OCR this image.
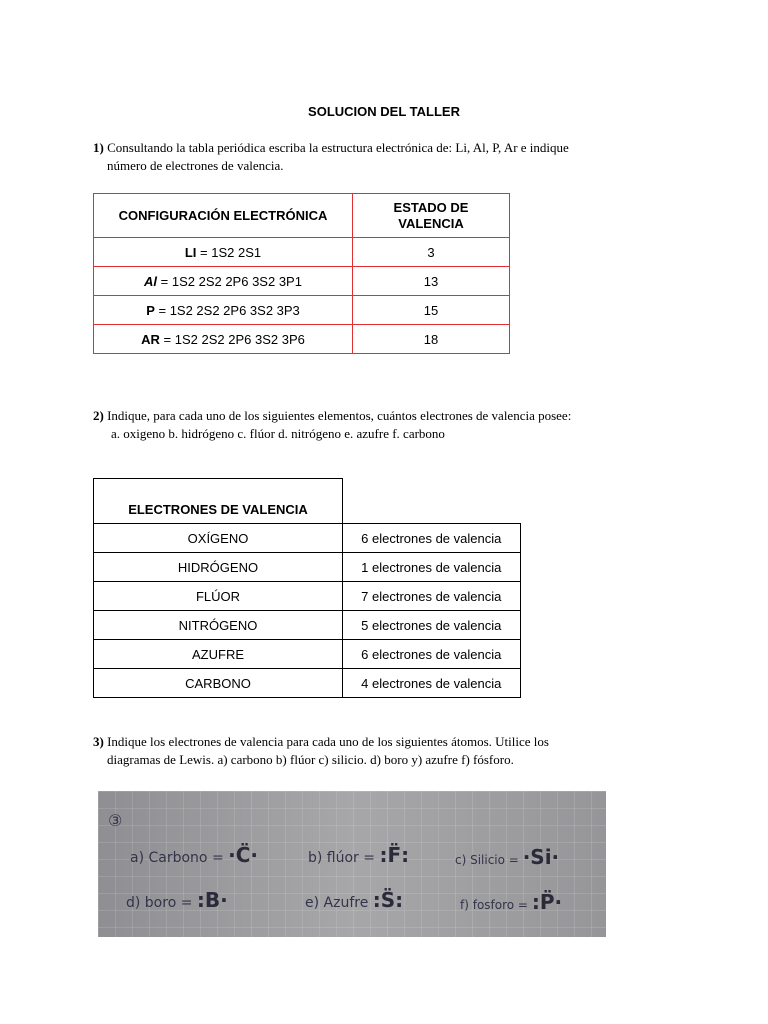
SOLUCION DEL TALLER
1) Consultando la tabla periódica escriba la estructura electrónica de: Li, Al, P, Ar e indique
número de electrones de valencia.
CONFIGURACIÓN ELECTRÓNICA	ESTADO DE VALENCIA
LI = 1S2 2S1	3
Al = 1S2 2S2 2P6 3S2 3P1	13
P = 1S2 2S2 2P6 3S2 3P3	15
AR = 1S2 2S2 2P6 3S2 3P6	18
2) Indique, para cada uno de los siguientes elementos, cuántos electrones de valencia posee:
a. oxigeno b. hidrógeno c. flúor d. nitrógeno e. azufre f. carbono
ELECTRONES DE VALENCIA	
OXÍGENO	6 electrones de valencia
HIDRÓGENO	1 electrones de valencia
FLÚOR	7 electrones de valencia
NITRÓGENO	5 electrones de valencia
AZUFRE	6 electrones de valencia
CARBONO	4 electrones de valencia
3) Indique los electrones de valencia para cada uno de los siguientes átomos. Utilice los
diagramas de Lewis. a) carbono b) flúor c) silicio. d) boro y) azufre f) fósforo.
③
a) Carbono = ·C̈·	b) flúor = :F̈:	c) Silicio = ·Si·
d) boro = :B·	e) Azufre :S̈:	f) fosforo = :P̈·
